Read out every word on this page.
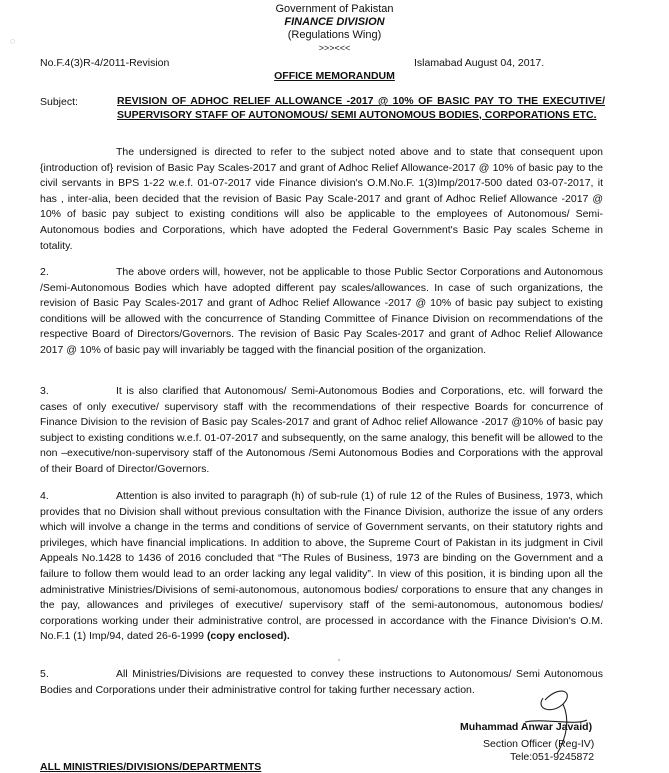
Government of Pakistan
FINANCE DIVISION
(Regulations Wing)
>>><<<
No.F.4(3)R-4/2011-Revision	Islamabad August 04, 2017.
OFFICE MEMORANDUM
Subject:	REVISION OF ADHOC RELIEF ALLOWANCE -2017 @ 10% OF BASIC PAY TO THE EXECUTIVE/ SUPERVISORY STAFF OF AUTONOMOUS/ SEMI AUTONOMOUS BODIES, CORPORATIONS ETC.
The undersigned is directed to refer to the subject noted above and to state that consequent upon {introduction of} revision of Basic Pay Scales-2017 and grant of Adhoc Relief Allowance-2017 @ 10% of basic pay to the civil servants in BPS 1-22 w.e.f. 01-07-2017 vide Finance division's O.M.No.F. 1(3)Imp/2017-500 dated 03-07-2017, it has , inter-alia, been decided that the revision of Basic Pay Scale-2017 and grant of Adhoc Relief Allowance -2017 @ 10% of basic pay subject to existing conditions will also be applicable to the employees of Autonomous/ Semi-Autonomous bodies and Corporations, which have adopted the Federal Government's Basic Pay scales Scheme in totality.
2.	The above orders will, however, not be applicable to those Public Sector Corporations and Autonomous /Semi-Autonomous Bodies which have adopted different pay scales/allowances. In case of such organizations, the revision of Basic Pay Scales-2017 and grant of Adhoc Relief Allowance -2017 @ 10% of basic pay subject to existing conditions will be allowed with the concurrence of Standing Committee of Finance Division on recommendations of the respective Board of Directors/Governors. The revision of Basic Pay Scales-2017 and grant of Adhoc Relief Allowance 2017 @ 10% of basic pay will invariably be tagged with the financial position of the organization.
3.	It is also clarified that Autonomous/ Semi-Autonomous Bodies and Corporations, etc. will forward the cases of only executive/ supervisory staff with the recommendations of their respective Boards for concurrence of Finance Division to the revision of Basic pay Scales-2017 and grant of Adhoc relief Allowance -2017 @10% of basic pay subject to existing conditions w.e.f. 01-07-2017 and subsequently, on the same analogy, this benefit will be allowed to the non –executive/non-supervisory staff of the Autonomous /Semi Autonomous Bodies and Corporations with the approval of their Board of Director/Governors.
4.	Attention is also invited to paragraph (h) of sub-rule (1) of rule 12 of the Rules of Business, 1973, which provides that no Division shall without previous consultation with the Finance Division, authorize the issue of any orders which will involve a change in the terms and conditions of service of Government servants, on their statutory rights and privileges, which have financial implications. In addition to above, the Supreme Court of Pakistan in its judgment in Civil Appeals No.1428 to 1436 of 2016 concluded that “The Rules of Business, 1973 are binding on the Government and a failure to follow them would lead to an order lacking any legal validity”. In view of this position, it is binding upon all the administrative Ministries/Divisions of semi-autonomous, autonomous bodies/ corporations to ensure that any changes in the pay, allowances and privileges of executive/ supervisory staff of the semi-autonomous, autonomous bodies/ corporations working under their administrative control, are processed in accordance with the Finance Division's O.M. No.F.1 (1) Imp/94, dated 26-6-1999 (copy enclosed).
◌
‚
5.	All Ministries/Divisions are requested to convey these instructions to Autonomous/ Semi Autonomous Bodies and Corporations under their administrative control for taking further necessary action.
Muhammad Anwar Javaid)
Section Officer (Reg-IV)
Tele:051-9245872
ALL MINISTRIES/DIVISIONS/DEPARTMENTS
